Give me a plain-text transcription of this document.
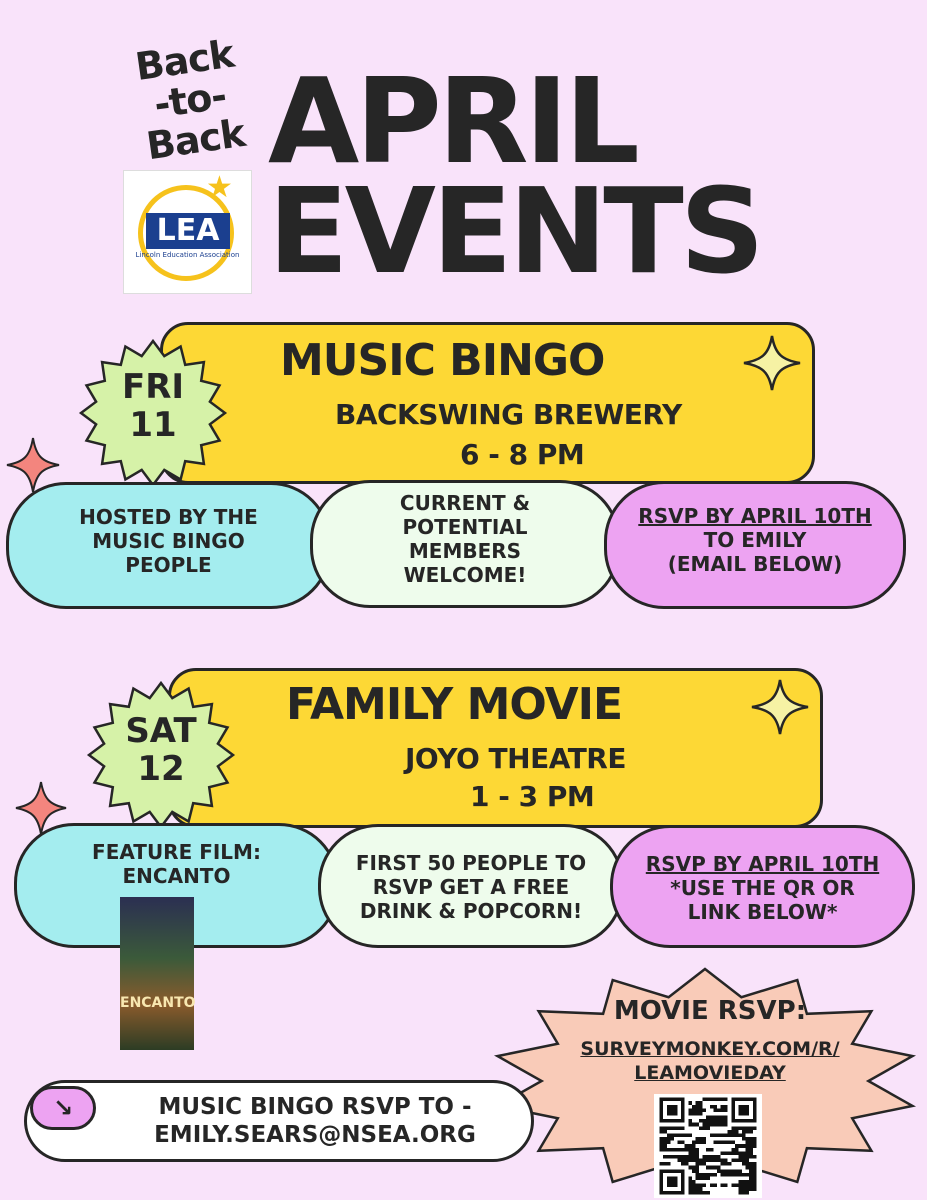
Back
-to-
Back APRIL
EVENTS
★
LEA
Lincoln Education Association
MUSIC BINGO
BACKSWING BREWERY
6 - 8 PM
FRI
11
HOSTED BY THE
MUSIC BINGO
PEOPLE
CURRENT &
POTENTIAL
MEMBERS
WELCOME!
RSVP BY APRIL 10TH
TO EMILY
(EMAIL BELOW)
FAMILY MOVIE
JOYO THEATRE
1 - 3 PM
SAT
12
FEATURE FILM:
ENCANTO
FIRST 50 PEOPLE TO
RSVP GET A FREE
DRINK & POPCORN!
RSVP BY APRIL 10TH
*USE THE QR OR
LINK BELOW*
ENCANTO	MOVIE RSVP:
SURVEYMONKEY.COM/R/
LEAMOVIEDAY
↘	MUSIC BINGO RSVP TO -
EMILY.SEARS@NSEA.ORG
